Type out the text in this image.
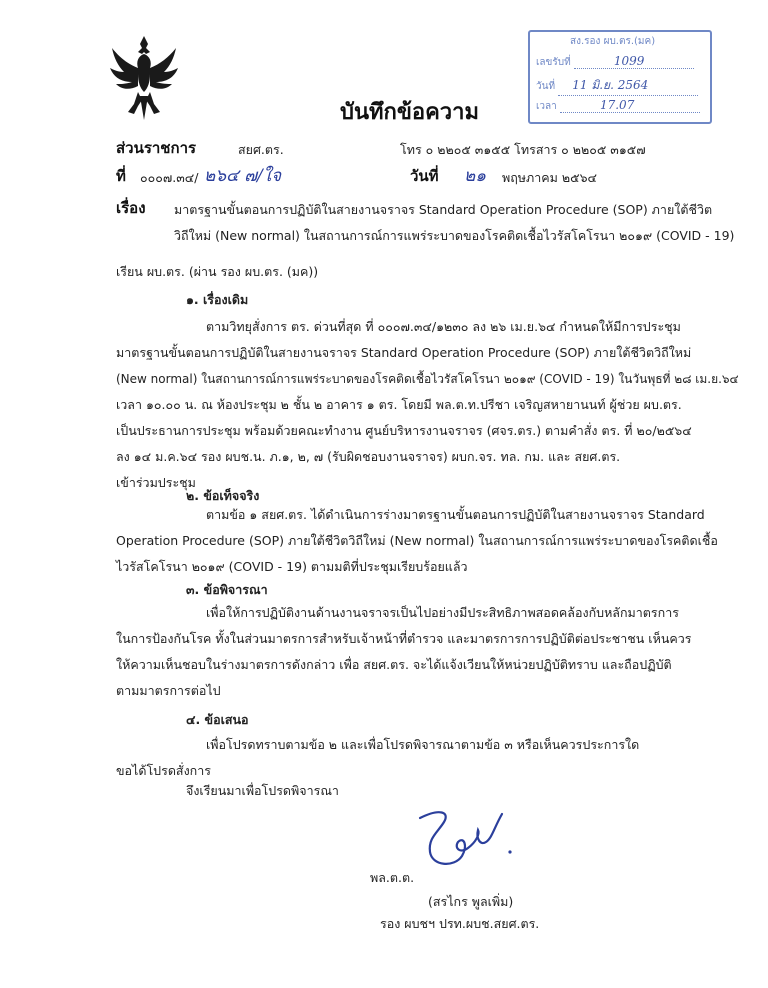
บันทึกข้อความ
สง.รอง ผบ.ตร.(มค)
เลขรับที่	1099
วันที่ 11 มิ.ย. 2564
เวลา	17.07
ส่วนราชการ	สยศ.ตร.	โทร ๐ ๒๒๐๕ ๓๑๕๕ โทรสาร ๐ ๒๒๐๕ ๓๑๕๗
ที่ ๐๐๐๗.๓๔/ ๒๖๔ ๗/ใจ	วันที่ ๒๑ พฤษภาคม ๒๕๖๔
เรื่อง มาตรฐานขั้นตอนการปฏิบัติในสายงานจราจร Standard Operation Procedure (SOP) ภายใต้ชีวิต
วิถีใหม่ (New normal) ในสถานการณ์การแพร่ระบาดของโรคติดเชื้อไวรัสโคโรนา ๒๐๑๙ (COVID - 19)
เรียน ผบ.ตร. (ผ่าน รอง ผบ.ตร. (มค))
๑. เรื่องเดิม
ตามวิทยุสั่งการ ตร. ด่วนที่สุด ที่ ๐๐๐๗.๓๔/๑๒๓๐ ลง ๒๖ เม.ย.๖๔ กำหนดให้มีการประชุม
มาตรฐานขั้นตอนการปฏิบัติในสายงานจราจร Standard Operation Procedure (SOP) ภายใต้ชีวิตวิถีใหม่
(New normal) ในสถานการณ์การแพร่ระบาดของโรคติดเชื้อไวรัสโคโรนา ๒๐๑๙ (COVID - 19) ในวันพุธที่ ๒๘ เม.ย.๖๔
เวลา ๑๐.๐๐ น. ณ ห้องประชุม ๒ ชั้น ๒ อาคาร ๑ ตร. โดยมี พล.ต.ท.ปรีชา เจริญสหายานนท์ ผู้ช่วย ผบ.ตร.
เป็นประธานการประชุม พร้อมด้วยคณะทำงาน ศูนย์บริหารงานจราจร (ศจร.ตร.) ตามคำสั่ง ตร. ที่ ๒๐/๒๕๖๔
ลง ๑๔ ม.ค.๖๔ รอง ผบช.น. ภ.๑, ๒, ๗ (รับผิดชอบงานจราจร) ผบก.จร. ทล. กม. และ สยศ.ตร.
เข้าร่วมประชุม
๒. ข้อเท็จจริง
ตามข้อ ๑ สยศ.ตร. ได้ดำเนินการร่างมาตรฐานขั้นตอนการปฏิบัติในสายงานจราจร Standard
Operation Procedure (SOP) ภายใต้ชีวิตวิถีใหม่ (New normal) ในสถานการณ์การแพร่ระบาดของโรคติดเชื้อ
ไวรัสโคโรนา ๒๐๑๙ (COVID - 19) ตามมติที่ประชุมเรียบร้อยแล้ว
๓. ข้อพิจารณา
เพื่อให้การปฏิบัติงานด้านงานจราจรเป็นไปอย่างมีประสิทธิภาพสอดคล้องกับหลักมาตรการ
ในการป้องกันโรค ทั้งในส่วนมาตรการสำหรับเจ้าหน้าที่ตำรวจ และมาตรการการปฏิบัติต่อประชาชน เห็นควร
ให้ความเห็นชอบในร่างมาตรการดังกล่าว เพื่อ สยศ.ตร. จะได้แจ้งเวียนให้หน่วยปฏิบัติทราบ และถือปฏิบัติ
ตามมาตรการต่อไป
๔. ข้อเสนอ
เพื่อโปรดทราบตามข้อ ๒ และเพื่อโปรดพิจารณาตามข้อ ๓ หรือเห็นควรประการใด
ขอได้โปรดสั่งการ
จึงเรียนมาเพื่อโปรดพิจารณา
พล.ต.ต.
(สรไกร พูลเพิ่ม)
รอง ผบชฯ ปรท.ผบช.สยศ.ตร.
